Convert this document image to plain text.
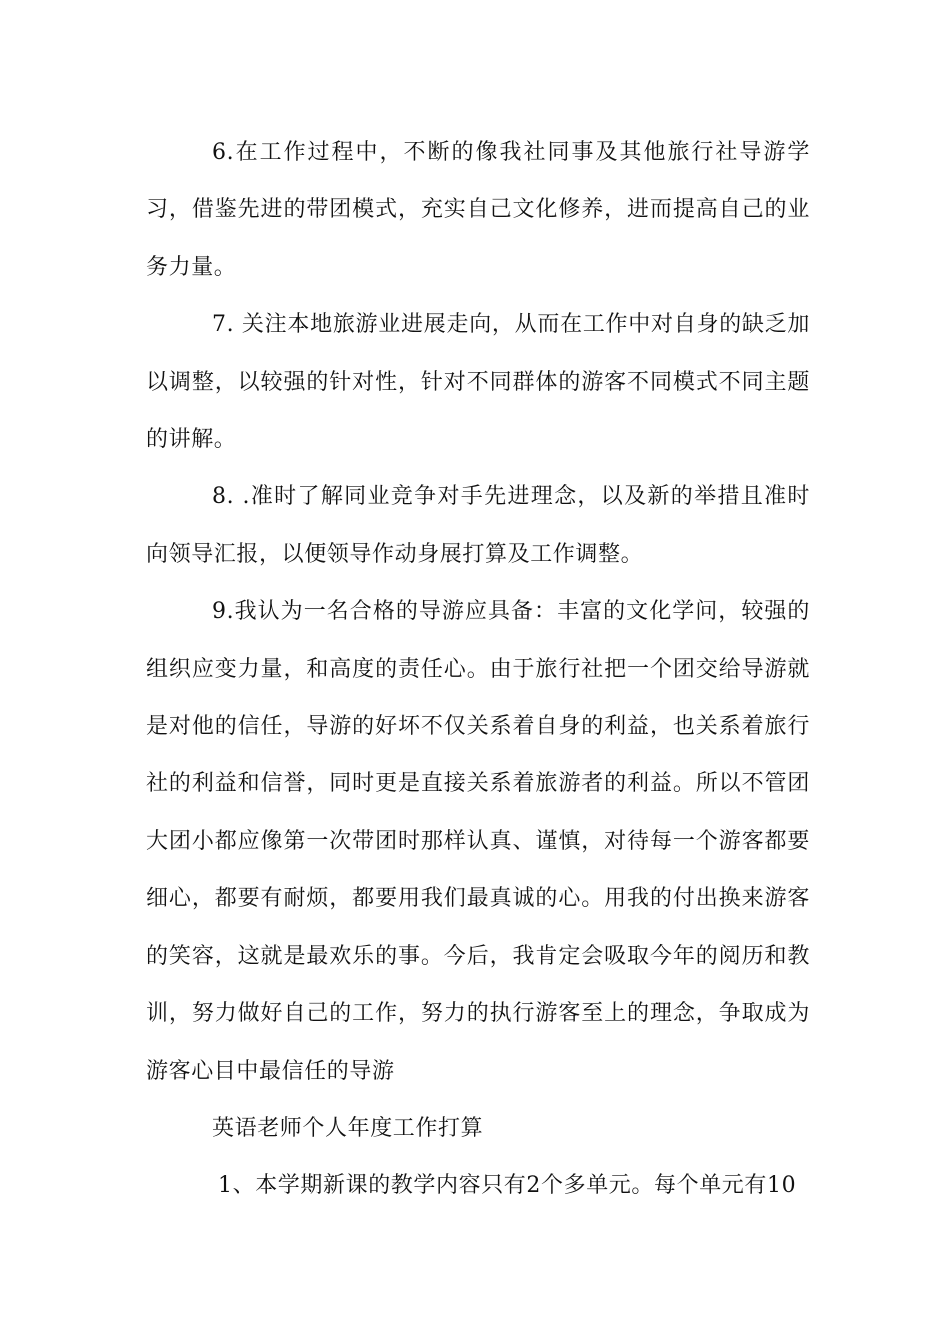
6.在工作过程中，不断的像我社同事及其他旅行社导游学习，借鉴先进的带团模式，充实自己文化修养，进而提高自己的业务力量。

7. 关注本地旅游业进展走向，从而在工作中对自身的缺乏加以调整，以较强的针对性，针对不同群体的游客不同模式不同主题的讲解。

8. .准时了解同业竞争对手先进理念，以及新的举措且准时向领导汇报，以便领导作动身展打算及工作调整。

9.我认为一名合格的导游应具备：丰富的文化学问，较强的组织应变力量，和高度的责任心。由于旅行社把一个团交给导游就是对他的信任，导游的好坏不仅关系着自身的利益，也关系着旅行社的利益和信誉，同时更是直接关系着旅游者的利益。所以不管团大团小都应像第一次带团时那样认真、谨慎，对待每一个游客都要细心，都要有耐烦，都要用我们最真诚的心。用我的付出换来游客的笑容，这就是最欢乐的事。今后，我肯定会吸取今年的阅历和教训，努力做好自己的工作，努力的执行游客至上的理念，争取成为游客心目中最信任的导游

英语老师个人年度工作打算

1、本学期新课的教学内容只有2个多单元。每个单元有10
